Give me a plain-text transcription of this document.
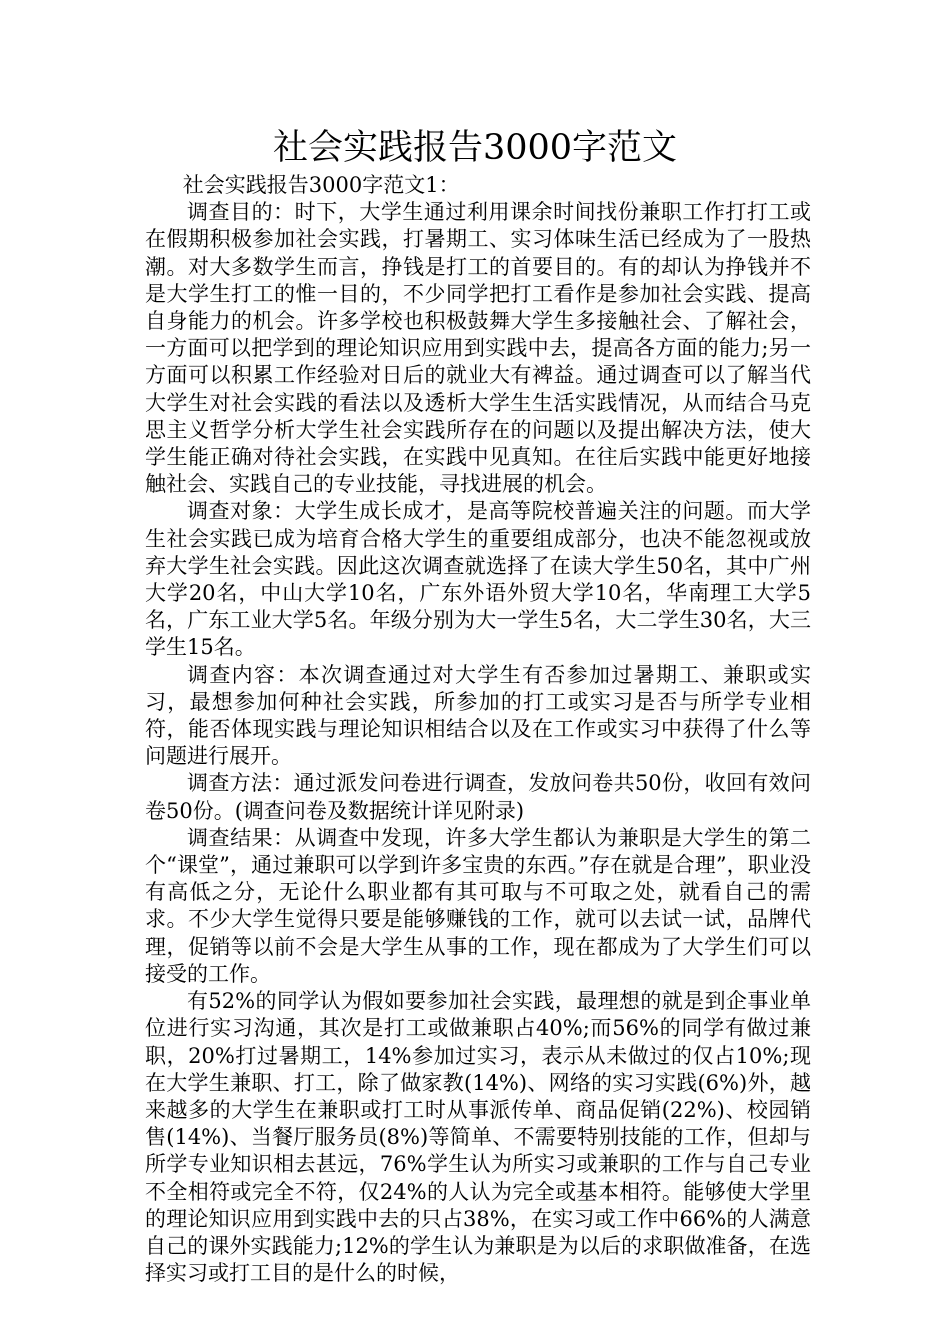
社会实践报告3000字范文

社会实践报告3000字范文1：

调查目的：时下，大学生通过利用课余时间找份兼职工作打打工或在假期积极参加社会实践，打暑期工、实习体味生活已经成为了一股热潮。对大多数学生而言，挣钱是打工的首要目的。有的却认为挣钱并不是大学生打工的惟一目的，不少同学把打工看作是参加社会实践、提高自身能力的机会。许多学校也积极鼓舞大学生多接触社会、了解社会，一方面可以把学到的理论知识应用到实践中去，提高各方面的能力;另一方面可以积累工作经验对日后的就业大有裨益。通过调查可以了解当代大学生对社会实践的看法以及透析大学生生活实践情况，从而结合马克思主义哲学分析大学生社会实践所存在的问题以及提出解决方法，使大学生能正确对待社会实践，在实践中见真知。在往后实践中能更好地接触社会、实践自己的专业技能，寻找进展的机会。

调查对象：大学生成长成才，是高等院校普遍关注的问题。而大学生社会实践已成为培育合格大学生的重要组成部分，也决不能忽视或放弃大学生社会实践。因此这次调查就选择了在读大学生50名，其中广州大学20名，中山大学10名，广东外语外贸大学10名，华南理工大学5名，广东工业大学5名。年级分别为大一学生5名，大二学生30名，大三学生15名。

调查内容：本次调查通过对大学生有否参加过暑期工、兼职或实习，最想参加何种社会实践，所参加的打工或实习是否与所学专业相符，能否体现实践与理论知识相结合以及在工作或实习中获得了什么等问题进行展开。

调查方法：通过派发问卷进行调查，发放问卷共50份，收回有效问卷50份。(调查问卷及数据统计详见附录)

调查结果：从调查中发现，许多大学生都认为兼职是大学生的第二个“课堂”，通过兼职可以学到许多宝贵的东西。”存在就是合理”，职业没有高低之分，无论什么职业都有其可取与不可取之处，就看自己的需求。不少大学生觉得只要是能够赚钱的工作，就可以去试一试，品牌代理，促销等以前不会是大学生从事的工作，现在都成为了大学生们可以接受的工作。

有52%的同学认为假如要参加社会实践，最理想的就是到企事业单位进行实习沟通，其次是打工或做兼职占40%;而56%的同学有做过兼职，20%打过暑期工，14%参加过实习，表示从未做过的仅占10%;现在大学生兼职、打工，除了做家教(14%)、网络的实习实践(6%)外，越来越多的大学生在兼职或打工时从事派传单、商品促销(22%)、校园销售(14%)、当餐厅服务员(8%)等简单、不需要特别技能的工作，但却与所学专业知识相去甚远，76%学生认为所实习或兼职的工作与自己专业不全相符或完全不符，仅24%的人认为完全或基本相符。能够使大学里的理论知识应用到实践中去的只占38%，在实习或工作中66%的人满意自己的课外实践能力;12%的学生认为兼职是为以后的求职做准备，在选择实习或打工目的是什么的时候，
